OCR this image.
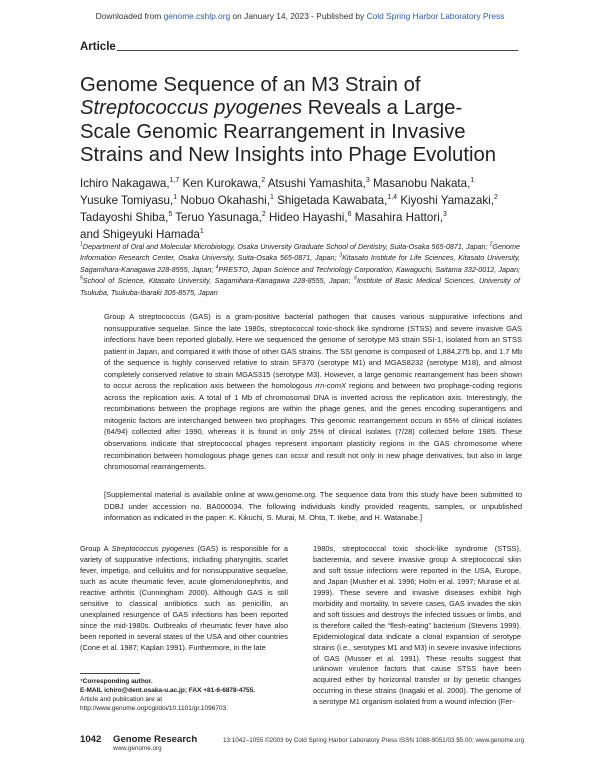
Downloaded from genome.cshlp.org on January 14, 2023 - Published by Cold Spring Harbor Laboratory Press
Article
Genome Sequence of an M3 Strain of Streptococcus pyogenes Reveals a Large-Scale Genomic Rearrangement in Invasive Strains and New Insights into Phage Evolution
Ichiro Nakagawa,$^{1,7}$ Ken Kurokawa,$^2$ Atsushi Yamashita,$^3$ Masanobu Nakata,$^1$
Yusuke Tomiyasu,$^1$ Nobuo Okahashi,$^1$ Shigetada Kawabata,$^{1,4}$ Kiyoshi Yamazaki,$^2$
Tadayoshi Shiba,$^5$ Teruo Yasunaga,$^2$ Hideo Hayashi,$^6$ Masahira Hattori,$^3$
and Shigeyuki Hamada$^1$
$^1$Department of Oral and Molecular Microbiology, Osaka University Graduate School of Dentistry, Suita-Osaka 565-0871, Japan; $^2$Genome Information Research Center, Osaka University, Suita-Osaka 565-0871, Japan; $^3$Kitasato Institute for Life Sciences, Kitasato University, Sagamihara-Kanagawa 228-8555, Japan; $^4$PRESTO, Japan Science and Technology Corporation, Kawaguchi, Saitama 332-0012, Japan; $^5$School of Science, Kitasato University, Sagamihara-Kanagawa 228-8555, Japan; $^6$Institute of Basic Medical Sciences, University of Tsukuba, Tsukuba-Ibaraki 305-8575, Japan

Group A streptococcus (GAS) is a gram-positive bacterial pathogen that causes various suppurative infections and nonsuppurative sequelae. Since the late 1980s, streptococcal toxic-shock like syndrome (STSS) and severe invasive GAS infections have been reported globally. Here we sequenced the genome of serotype M3 strain SSI-1, isolated from an STSS patient in Japan, and compared it with those of other GAS strains. The SSI genome is composed of 1,884,275 bp, and 1.7 Mb of the sequence is highly conserved relative to strain SF370 (serotype M1) and MGAS8232 (serotype M18), and almost completely conserved relative to strain MGAS315 (serotype M3). However, a large genomic rearrangement has been shown to occur across the replication axis between the homologous rrn-comX regions and between two prophage-coding regions across the replication axis. A total of 1 Mb of chromosomal DNA is inverted across the replication axis. Interestingly, the recombinations between the prophage regions are within the phage genes, and the genes encoding superantigens and mitogenic factors are interchanged between two prophages. This genomic rearrangement occurs in 65% of clinical isolates (64/94) collected after 1990, whereas it is found in only 25% of clinical isolates (7/28) collected before 1985. These observations indicate that streptococcal phages represent important plasticity regions in the GAS chromosome where recombination between homologous phage genes can occur and result not only in new phage derivatives, but also in large chromosomal rearrangements.

[Supplemental material is available online at www.genome.org. The sequence data from this study have been submitted to DDBJ under accession no. BA000034. The following individuals kindly provided reagents, samples, or unpublished information as indicated in the paper: K. Kikuchi, S. Murai, M. Ohta, T. Ikebe, and H. Watanabe.]

Group A Streptococcus pyogenes (GAS) is responsible for a variety of suppurative infections, including pharyngitis, scarlet fever, impetigo, and cellulitis and for nonsuppurative sequelae, such as acute rheumatic fever, acute glomerulonephritis, and reactive arthritis (Cunningham 2000). Although GAS is still sensitive to classical antibiotics such as penicillin, an unexplained resurgence of GAS infections has been reported since the mid-1980s. Outbreaks of rheumatic fever have also been reported in several states of the USA and other countries (Cone et al. 1987; Kaplan 1991). Furthermore, in the late

1980s, streptococcal toxic shock-like syndrome (STSS), bacteremia, and severe invasive group A streptococcal skin and soft tissue infections were reported in the USA, Europe, and Japan (Musher et al. 1996; Holm et al. 1997; Murase et al. 1999). These severe and invasive diseases exhibit high morbidity and mortality. In severe cases, GAS invades the skin and soft tissues and destroys the infected tissues or limbs, and is therefore called the “flesh-eating” bacterium (Stevens 1999). Epidemiological data indicate a clonal expansion of serotype strains (i.e., serotypes M1 and M3) in severe invasive infections of GAS (Musser et al. 1991). These results suggest that unknown virulence factors that cause STSS have been acquired either by horizontal transfer or by genetic changes occurring in these strains (Inagaki et al. 2000). The genome of a serotype M1 organism isolated from a wound infection (Fer-

⁷Corresponding author.
E-MAIL ichiro@dent.osaka-u.ac.jp; FAX +81-6-6878-4755.
Article and publication are at http://www.genome.org/cgi/doi/10.1101/gr.1096703.
1042 Genome Research
www.genome.org
13:1042–1055 ©2003 by Cold Spring Harbor Laboratory Press ISSN 1088-9051/03 $5.00; www.genome.org
